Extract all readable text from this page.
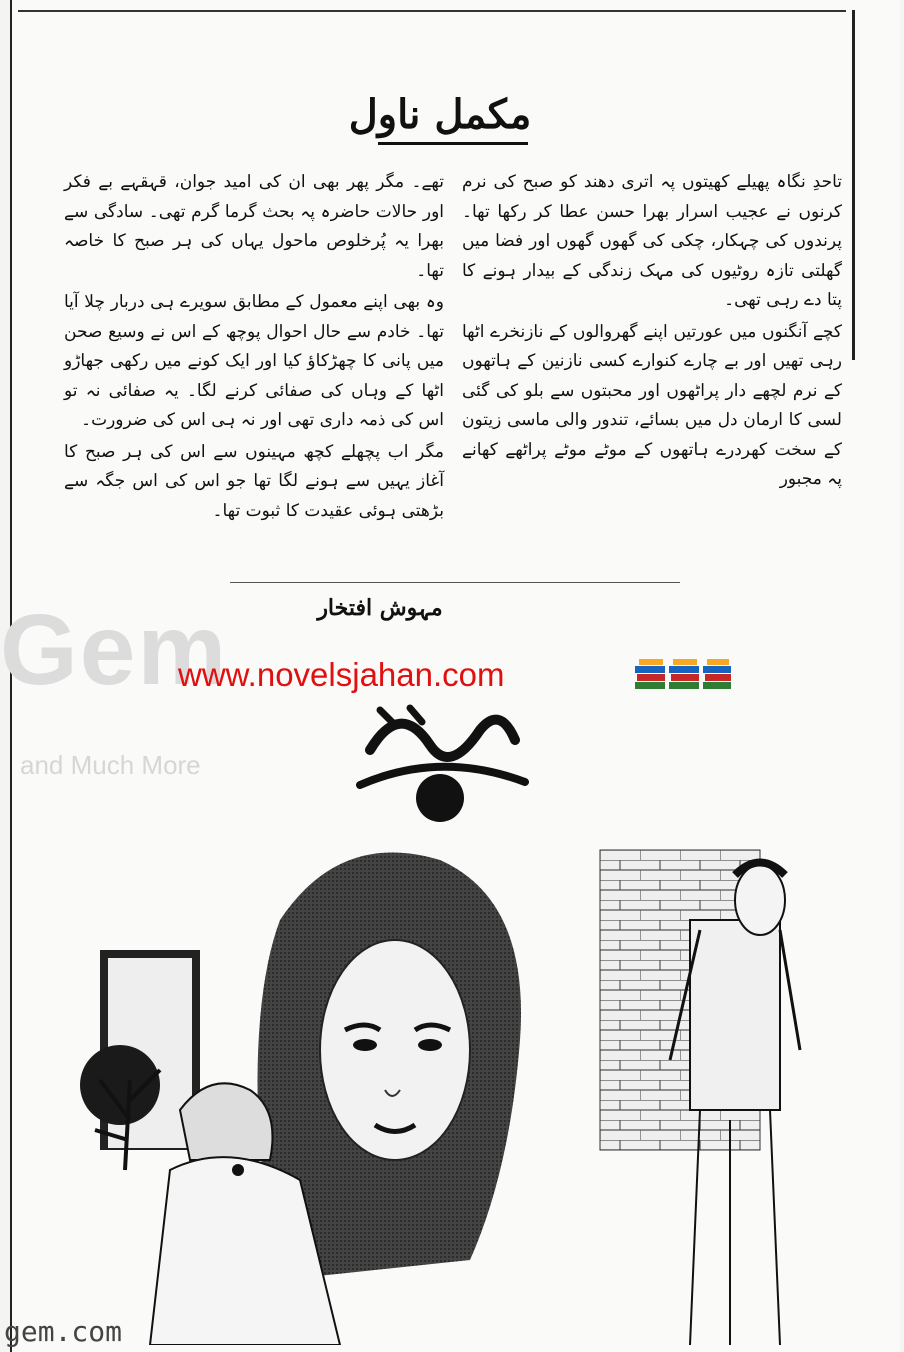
مکمل ناول

تاحدِ نگاہ پھیلے کھیتوں پہ اتری دھند کو صبح کی نرم کرنوں نے عجیب اسرار بھرا حسن عطا کر رکھا تھا۔ پرندوں کی چہکار، چکی کی گھوں گھوں اور فضا میں گھلتی تازہ روٹیوں کی مہک زندگی کے بیدار ہونے کا پتا دے رہی تھی۔

کچے آنگنوں میں عورتیں اپنے گھروالوں کے نازنخرے اٹھا رہی تھیں اور بے چارے کنوارے کسی نازنین کے ہاتھوں کے نرم لچھے دار پراٹھوں اور محبتوں سے بلو کی گئی لسی کا ارمان دل میں بسائے، تندور والی ماسی زیتون کے سخت کھردرے ہاتھوں کے موٹے موٹے پراٹھے کھانے پہ مجبور

تھے۔ مگر پھر بھی ان کی امید جوان، قہقہے بے فکر اور حالات حاضرہ پہ بحث گرما گرم تھی۔ سادگی سے بھرا یہ پُرخلوص ماحول یہاں کی ہر صبح کا خاصہ تھا۔

وہ بھی اپنے معمول کے مطابق سویرے ہی دربار چلا آیا تھا۔ خادم سے حال احوال پوچھ کے اس نے وسیع صحن میں پانی کا چھڑکاؤ کیا اور ایک کونے میں رکھی جھاڑو اٹھا کے وہاں کی صفائی کرنے لگا۔ یہ صفائی نہ تو اس کی ذمہ داری تھی اور نہ ہی اس کی ضرورت۔

مگر اب پچھلے کچھ مہینوں سے اس کی ہر صبح کا آغاز یہیں سے ہونے لگا تھا جو اس کی اس جگہ سے بڑھتی ہوئی عقیدت کا ثبوت تھا۔

Gem
and Much More
مہوش افتخار
www.novelsjahan.com
gem.com
